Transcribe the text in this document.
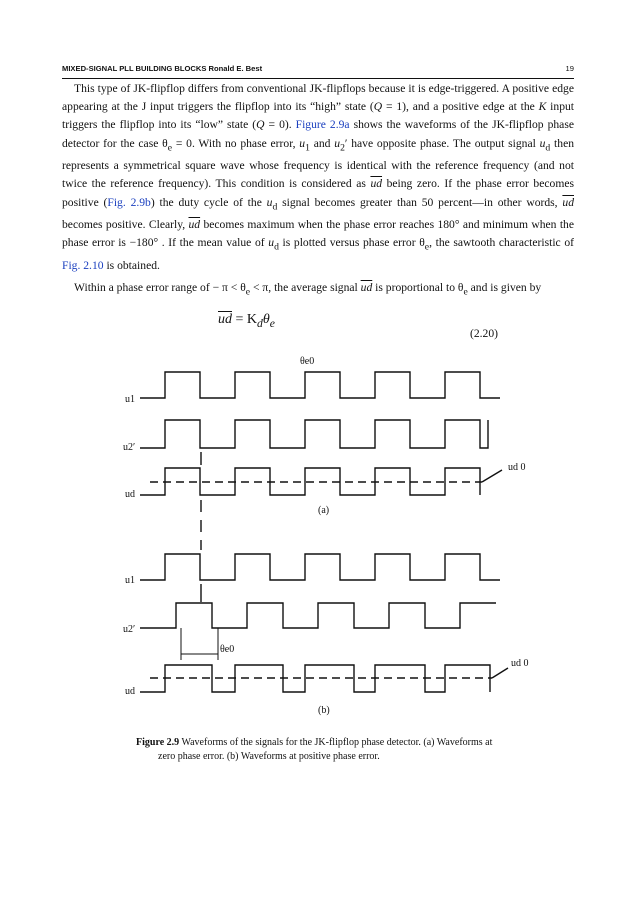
MIXED-SIGNAL PLL BUILDING BLOCKS Ronald E. Best	19

This type of JK-flipflop differs from conventional JK-flipflops because it is edge-triggered. A positive edge appearing at the J input triggers the flipflop into its “high” state (Q = 1), and a positive edge at the K input triggers the flipflop into its “low” state (Q = 0). Figure 2.9a shows the waveforms of the JK-flipflop phase detector for the case $\theta_e = 0$. With no phase error, $u_1$ and $u_2'$ have opposite phase. The output signal $u_d$ then represents a symmetrical square wave whose frequency is identical with the reference frequency (and not twice the reference frequency). This condition is considered as $\overline{ud}$ being zero. If the phase error becomes positive (Fig. 2.9b) the duty cycle of the $u_d$ signal becomes greater than 50 percent—in other words, $\overline{ud}$ becomes positive. Clearly, $\overline{ud}$ becomes maximum when the phase error reaches 180° and minimum when the phase error is −180° . If the mean value of $u_d$ is plotted versus phase error $\theta_e$, the sawtooth characteristic of Fig. 2.10 is obtained.

Within a phase error range of − $\pi < \theta_e < \pi$, the average signal $\overline{ud}$ is proportional to $\theta_e$ and is given by

$\overline{ud} = K_d\theta_e$
(2.20)
θe0
u1
u2′
ud
ud 0
(a)
u1
u2′
θe0
ud
ud 0
(b)
Figure 2.9 Waveforms of the signals for the JK-flipflop phase detector. (a) Waveforms at
zero phase error. (b) Waveforms at positive phase error.
